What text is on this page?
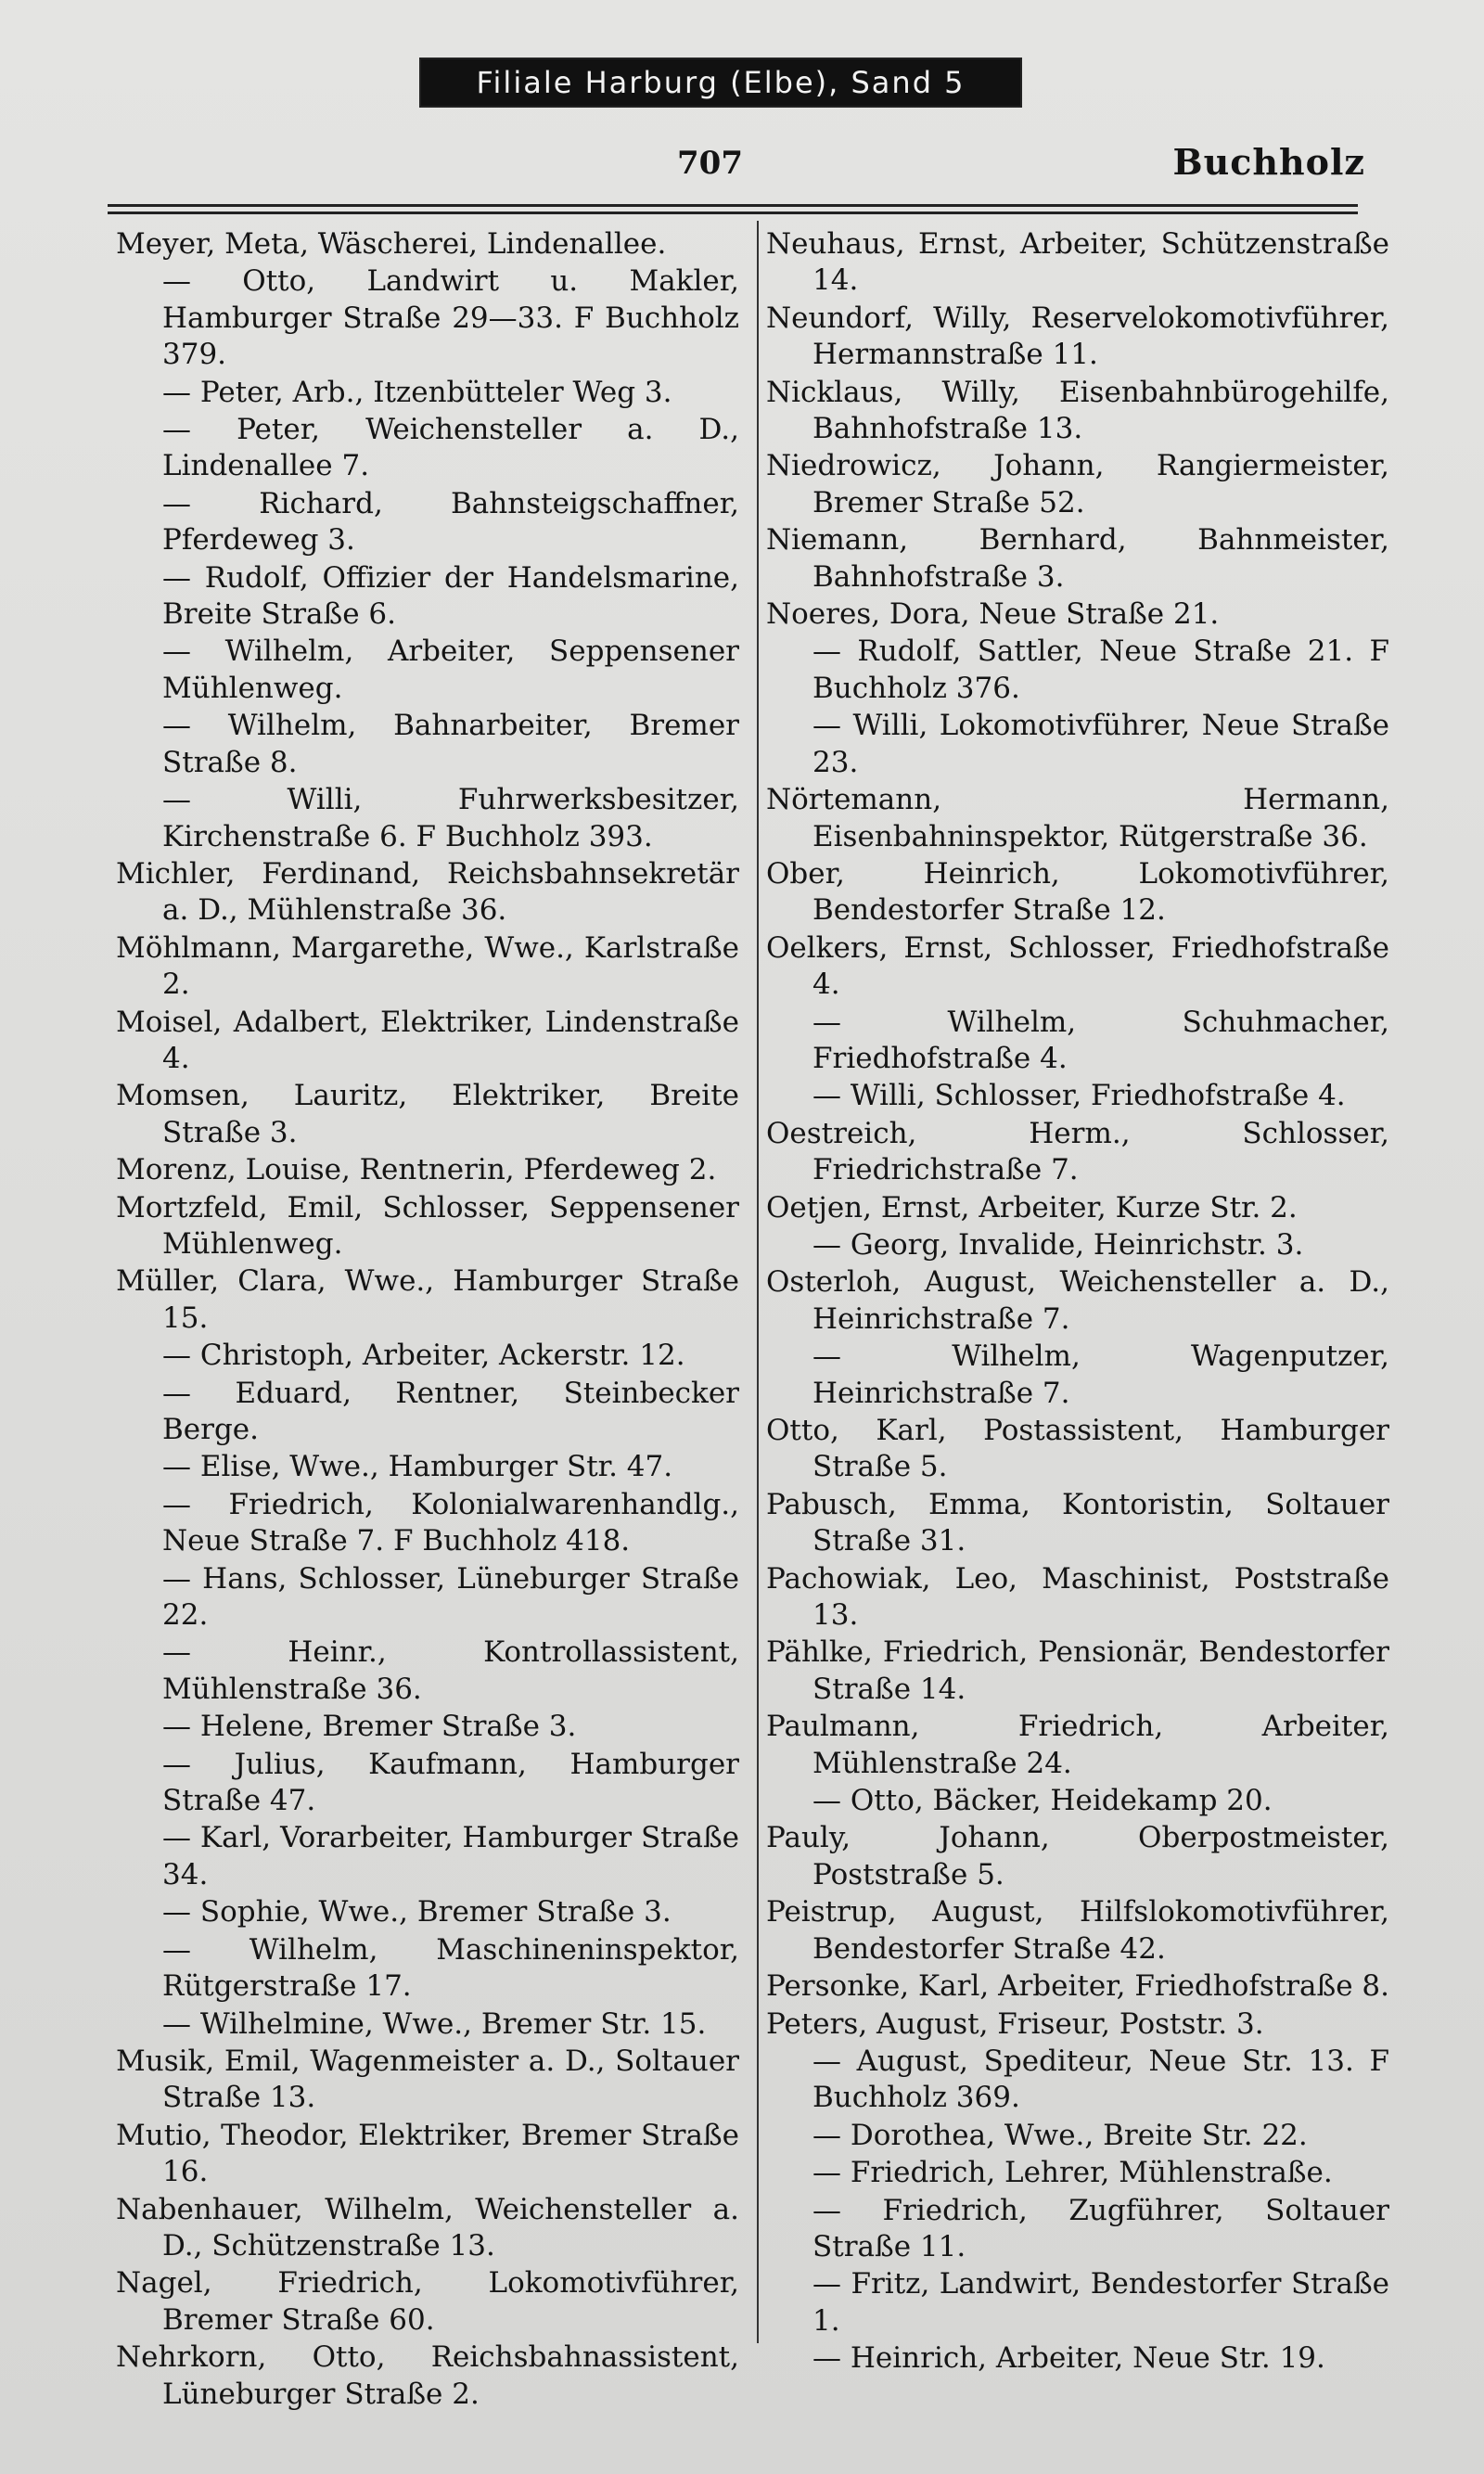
Filiale Harburg (Elbe), Sand 5
707	Buchholz
Meyer, Meta, Wäscherei, Lindenallee.
— Otto, Landwirt u. Makler, Hamburger Straße 29—33. F Buchholz 379.
— Peter, Arb., Itzenbütteler Weg 3.
— Peter, Weichensteller a. D., Lindenallee 7.
— Richard, Bahnsteigschaffner, Pferdeweg 3.
— Rudolf, Offizier der Handelsmarine, Breite Straße 6.
— Wilhelm, Arbeiter, Seppensener Mühlenweg.
— Wilhelm, Bahnarbeiter, Bremer Straße 8.
— Willi, Fuhrwerksbesitzer, Kirchenstraße 6. F Buchholz 393.
Michler, Ferdinand, Reichsbahnsekretär a. D., Mühlenstraße 36.
Möhlmann, Margarethe, Wwe., Karlstraße 2.
Moisel, Adalbert, Elektriker, Lindenstraße 4.
Momsen, Lauritz, Elektriker, Breite Straße 3.
Morenz, Louise, Rentnerin, Pferdeweg 2.
Mortzfeld, Emil, Schlosser, Seppensener Mühlenweg.
Müller, Clara, Wwe., Hamburger Straße 15.
— Christoph, Arbeiter, Ackerstr. 12.
— Eduard, Rentner, Steinbecker Berge.
— Elise, Wwe., Hamburger Str. 47.
— Friedrich, Kolonialwarenhandlg., Neue Straße 7. F Buchholz 418.
— Hans, Schlosser, Lüneburger Straße 22.
— Heinr., Kontrollassistent, Mühlenstraße 36.
— Helene, Bremer Straße 3.
— Julius, Kaufmann, Hamburger Straße 47.
— Karl, Vorarbeiter, Hamburger Straße 34.
— Sophie, Wwe., Bremer Straße 3.
— Wilhelm, Maschineninspektor, Rütgerstraße 17.
— Wilhelmine, Wwe., Bremer Str. 15.
Musik, Emil, Wagenmeister a. D., Soltauer Straße 13.
Mutio, Theodor, Elektriker, Bremer Straße 16.
Nabenhauer, Wilhelm, Weichensteller a. D., Schützenstraße 13.
Nagel, Friedrich, Lokomotivführer, Bremer Straße 60.
Nehrkorn, Otto, Reichsbahnassistent, Lüneburger Straße 2.
Neuhaus, Ernst, Arbeiter, Schützenstraße 14.
Neundorf, Willy, Reservelokomotivführer, Hermannstraße 11.
Nicklaus, Willy, Eisenbahnbürogehilfe, Bahnhofstraße 13.
Niedrowicz, Johann, Rangiermeister, Bremer Straße 52.
Niemann, Bernhard, Bahnmeister, Bahnhofstraße 3.
Noeres, Dora, Neue Straße 21.
— Rudolf, Sattler, Neue Straße 21. F Buchholz 376.
— Willi, Lokomotivführer, Neue Straße 23.
Nörtemann, Hermann, Eisenbahninspektor, Rütgerstraße 36.
Ober, Heinrich, Lokomotivführer, Bendestorfer Straße 12.
Oelkers, Ernst, Schlosser, Friedhofstraße 4.
— Wilhelm, Schuhmacher, Friedhofstraße 4.
— Willi, Schlosser, Friedhofstraße 4.
Oestreich, Herm., Schlosser, Friedrichstraße 7.
Oetjen, Ernst, Arbeiter, Kurze Str. 2.
— Georg, Invalide, Heinrichstr. 3.
Osterloh, August, Weichensteller a. D., Heinrichstraße 7.
— Wilhelm, Wagenputzer, Heinrichstraße 7.
Otto, Karl, Postassistent, Hamburger Straße 5.
Pabusch, Emma, Kontoristin, Soltauer Straße 31.
Pachowiak, Leo, Maschinist, Poststraße 13.
Pählke, Friedrich, Pensionär, Bendestorfer Straße 14.
Paulmann, Friedrich, Arbeiter, Mühlenstraße 24.
— Otto, Bäcker, Heidekamp 20.
Pauly, Johann, Oberpostmeister, Poststraße 5.
Peistrup, August, Hilfslokomotivführer, Bendestorfer Straße 42.
Personke, Karl, Arbeiter, Friedhofstraße 8.
Peters, August, Friseur, Poststr. 3.
— August, Spediteur, Neue Str. 13. F Buchholz 369.
— Dorothea, Wwe., Breite Str. 22.
— Friedrich, Lehrer, Mühlenstraße.
— Friedrich, Zugführer, Soltauer Straße 11.
— Fritz, Landwirt, Bendestorfer Straße 1.
— Heinrich, Arbeiter, Neue Str. 19.
